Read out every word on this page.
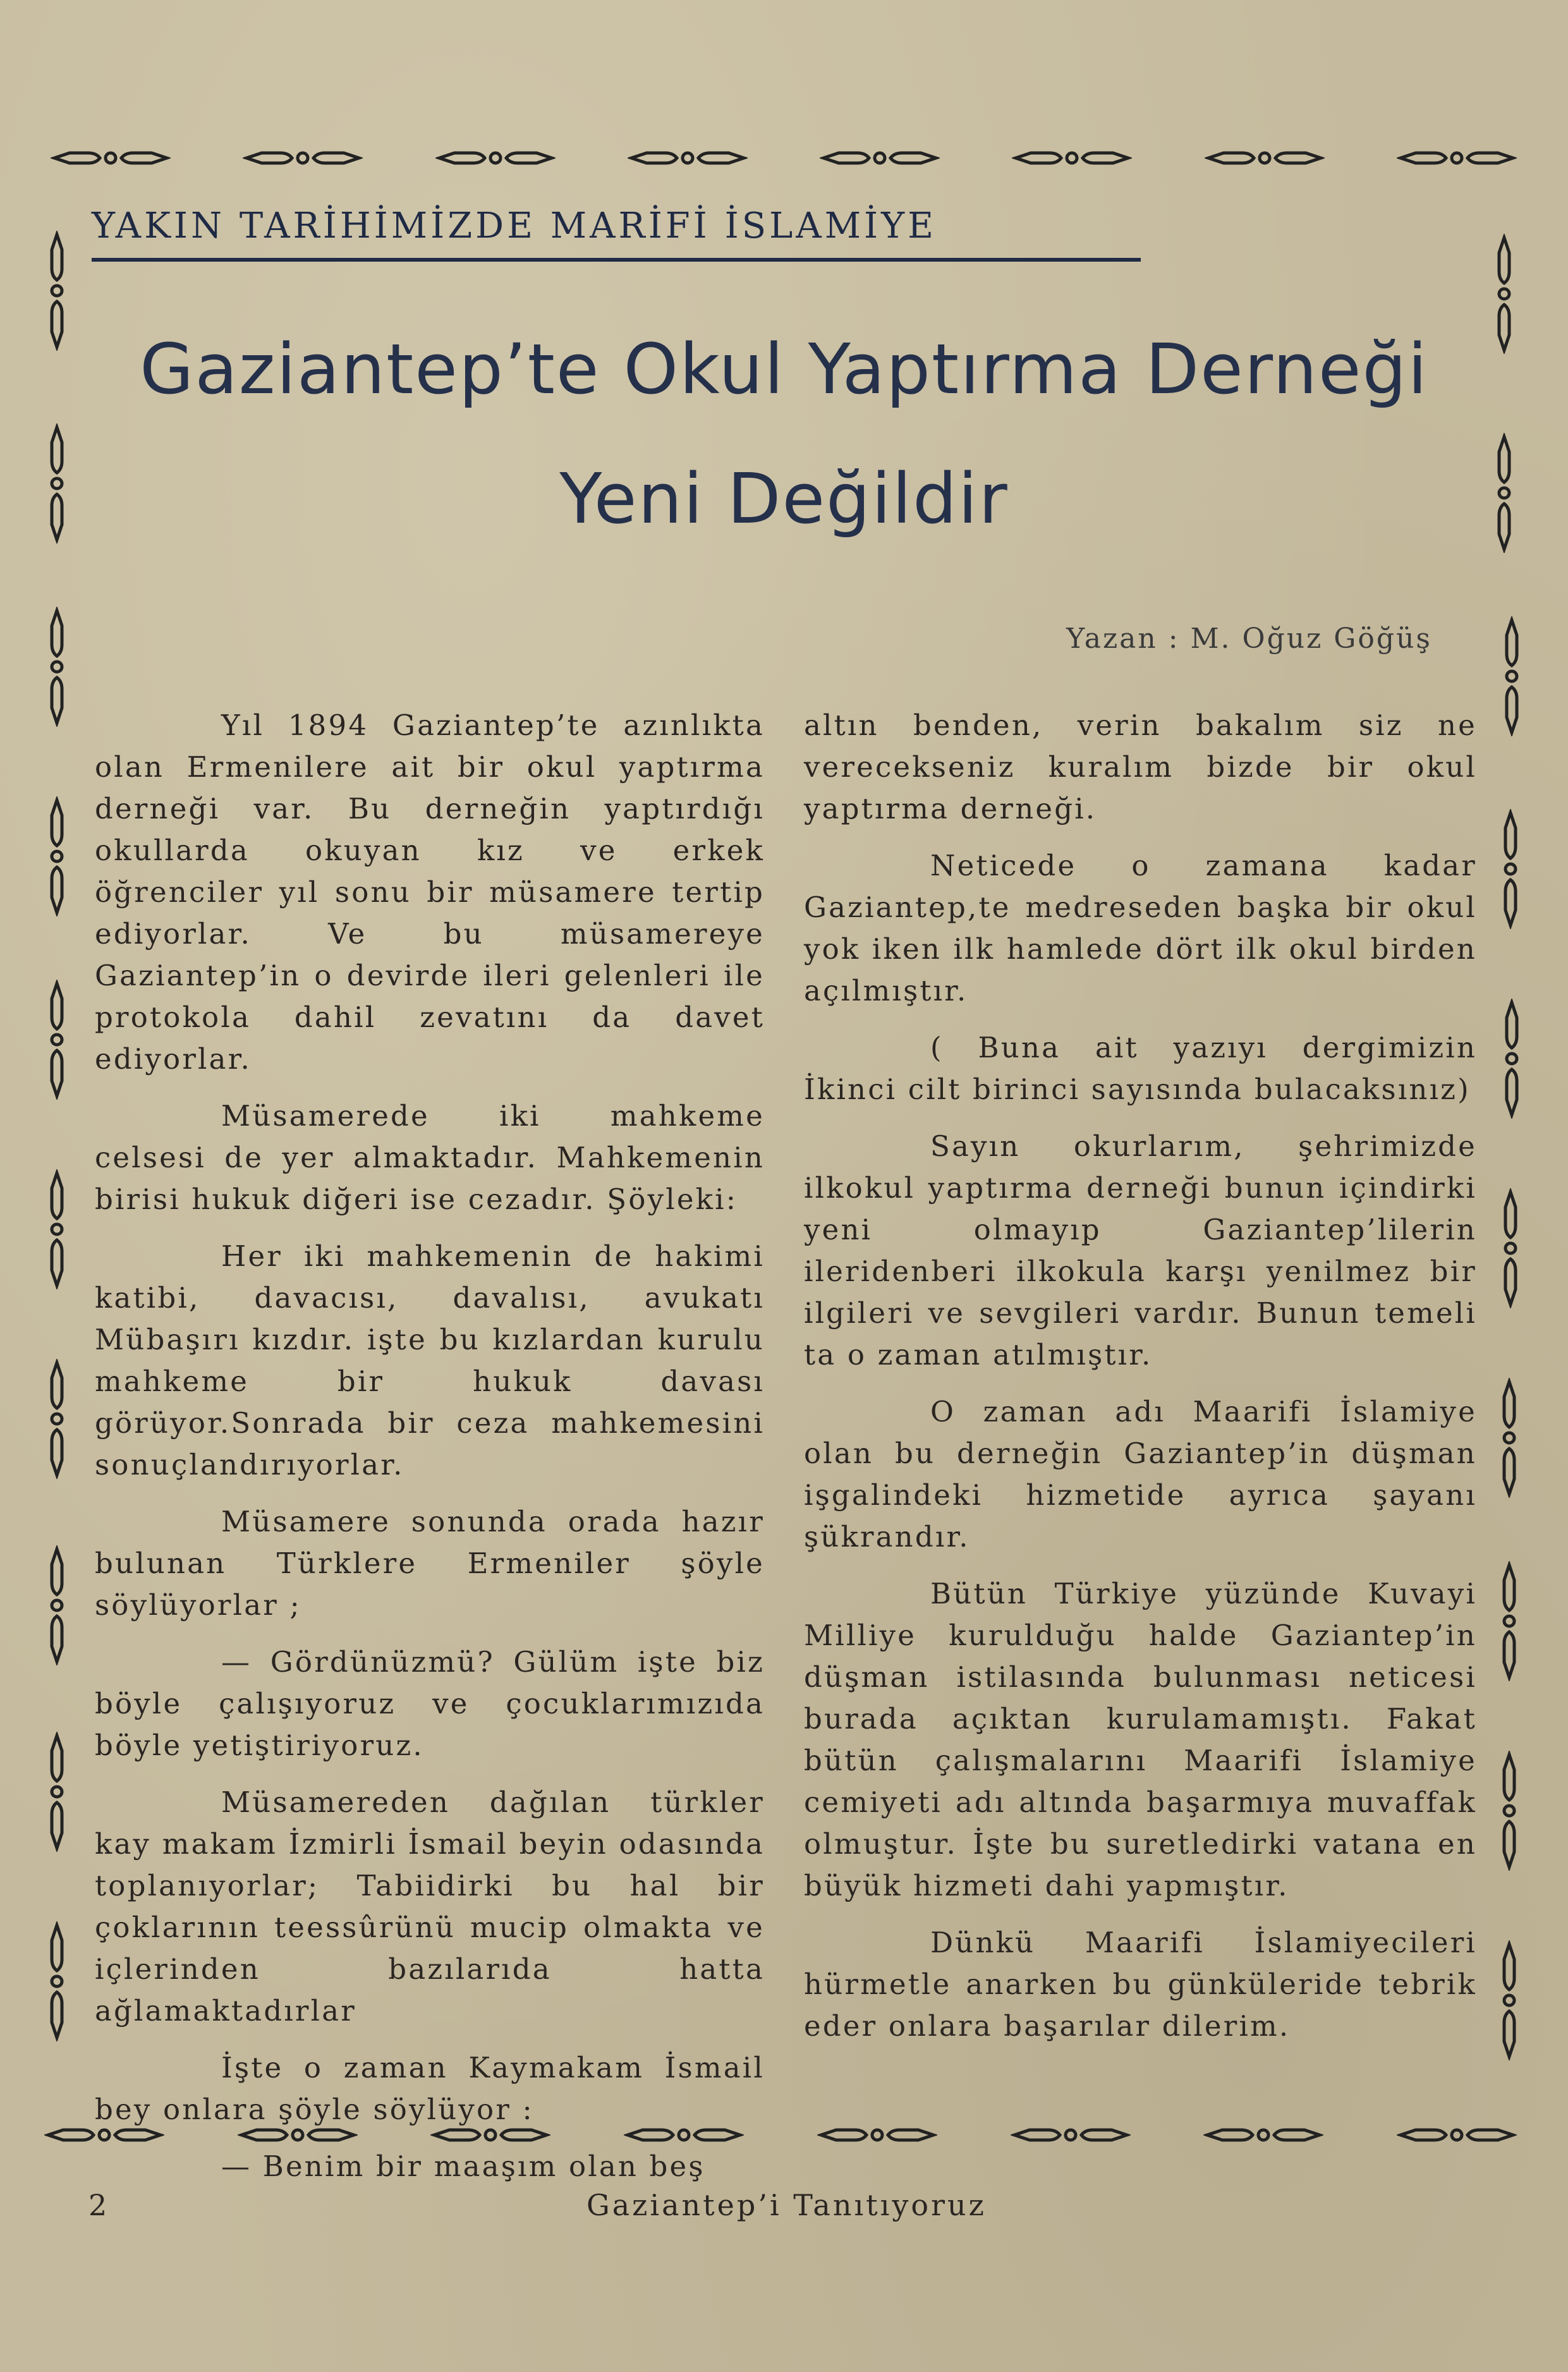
YAKIN TARİHİMİZDE MARİFİ İSLAMİYE
Gaziantep’te Okul Yaptırma Derneği
Yeni Değildir
Yazan : M. Oğuz Göğüş

Yıl 1894 Gaziantep’te azınlıkta olan Ermenilere ait bir okul yaptırma derneği var. Bu derneğin yaptırdığı okullarda okuyan kız ve erkek öğrenciler yıl sonu bir müsamere tertip ediyorlar. Ve bu müsamereye Gaziantep’in o devirde ileri gelenleri ile protokola dahil zevatını da davet ediyorlar.

Müsamerede iki mahkeme celsesi de yer almaktadır. Mahkemenin birisi hukuk diğeri ise cezadır. Şöyleki:

Her iki mahkemenin de hakimi katibi, davacısı, davalısı, avukatı Mübaşırı kızdır. işte bu kızlardan kurulu mahkeme bir hukuk davası görüyor.Sonrada bir ceza mahkemesini sonuçlandırıyorlar.

Müsamere sonunda orada hazır bulunan Türklere Ermeniler şöyle söylüyorlar ;

— Gördünüzmü? Gülüm işte biz böyle çalışıyoruz ve çocuklarımızıda böyle yetiştiriyoruz.

Müsamereden dağılan türkler kay makam İzmirli İsmail beyin odasında toplanıyorlar; Tabiidirki bu hal bir çoklarının teessûrünü mucip olmakta ve içlerinden bazılarıda hatta ağlamaktadırlar

İşte o zaman Kaymakam İsmail bey onlara şöyle söylüyor :

— Benim bir maaşım olan beş

altın benden, verin bakalım siz ne verecekseniz kuralım bizde bir okul yaptırma derneği.

Neticede o zamana kadar Gaziantep,te medreseden başka bir okul yok iken ilk hamlede dört ilk okul birden açılmıştır.

( Buna ait yazıyı dergimizin İkinci cilt birinci sayısında bulacaksınız)

Sayın okurlarım, şehrimizde ilkokul yaptırma derneği bunun içindirki yeni olmayıp Gaziantep’lilerin ileridenberi ilkokula karşı yenilmez bir ilgileri ve sevgileri vardır. Bunun temeli ta o zaman atılmıştır.

O zaman adı Maarifi İslamiye olan bu derneğin Gaziantep’in düşman işgalindeki hizmetide ayrıca şayanı şükrandır.

Bütün Türkiye yüzünde Kuvayi Milliye kurulduğu halde Gaziantep’in düşman istilasında bulunması neticesi burada açıktan kurulamamıştı. Fakat bütün çalışmalarını Maarifi İslamiye cemiyeti adı altında başarmıya muvaffak olmuştur. İşte bu suretledirki vatana en büyük hizmeti dahi yapmıştır.

Dünkü Maarifi İslamiyecileri hürmetle anarken bu günküleride tebrik eder onlara başarılar dilerim.

2	Gaziantep’i Tanıtıyoruz
